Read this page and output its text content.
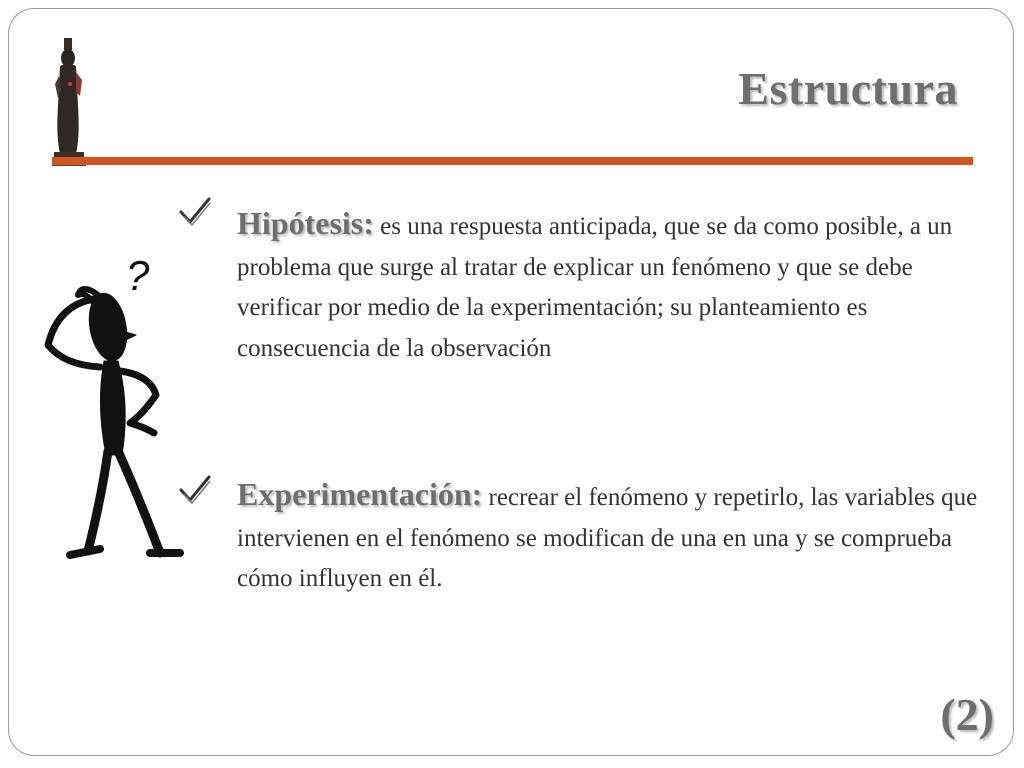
Estructura
?
Hipótesis: es una respuesta anticipada, que se da como posible, a un problema que surge al tratar de explicar un fenómeno y que se debe verificar por medio de la experimentación; su planteamiento es consecuencia de la observación
Experimentación: recrear el fenómeno y repetirlo, las variables que intervienen en el fenómeno se modifican de una en una y se comprueba cómo influyen en él.
(2)
